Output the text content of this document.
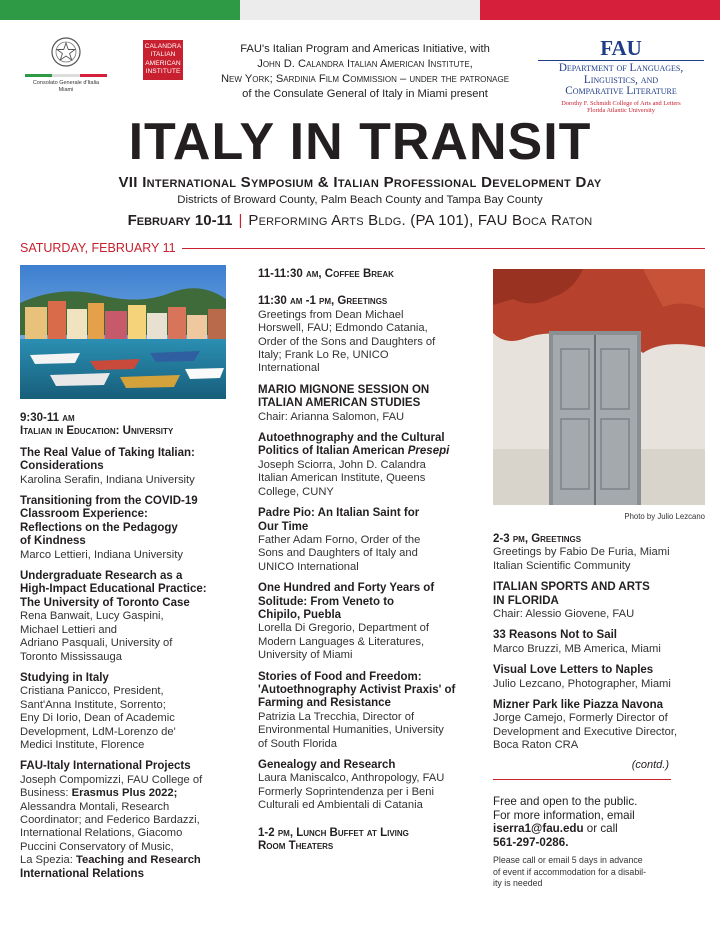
Consolato Generale d'Italia
Miami
CALANDRA
ITALIAN
AMERICAN
INSTITUTE
FAU's Italian Program and Americas Initiative, with
John D. Calandra Italian American Institute,
New York; Sardinia Film Commission – under the patronage
of the Consulate General of Italy in Miami present
FAU
Department of Languages,
Linguistics, and
Comparative Literature
Dorothy F. Schmidt College of Arts and Letters
Florida Atlantic University
ITALY IN TRANSIT
VII International Symposium & Italian Professional Development Day
Districts of Broward County, Palm Beach County and Tampa Bay County
February 10-11 | Performing Arts Bldg. (PA 101), FAU Boca Raton
SATURDAY, FEBRUARY 11
9:30-11 am
Italian in Education: University
The Real Value of Taking Italian:
Considerations
Karolina Serafin, Indiana University
Transitioning from the COVID-19
Classroom Experience:
Reflections on the Pedagogy
of Kindness
Marco Lettieri, Indiana University
Undergraduate Research as a
High-Impact Educational Practice:
The University of Toronto Case
Rena Banwait, Lucy Gaspini,
Michael Lettieri and
Adriano Pasquali, University of
Toronto Mississauga
Studying in Italy
Cristiana Panicco, President,
Sant'Anna Institute, Sorrento;
Eny Di Iorio, Dean of Academic
Development, LdM-Lorenzo de'
Medici Institute, Florence
FAU-Italy International Projects
Joseph Compomizzi, FAU College of
Business: Erasmus Plus 2022;
Alessandra Montali, Research
Coordinator; and Federico Bardazzi,
International Relations, Giacomo
Puccini Conservatory of Music,
La Spezia: Teaching and Research
International Relations
11-11:30 am, Coffee Break
11:30 am -1 pm, Greetings
Greetings from Dean Michael
Horswell, FAU; Edmondo Catania,
Order of the Sons and Daughters of
Italy; Frank Lo Re, UNICO
International
MARIO MIGNONE SESSION ON
ITALIAN AMERICAN STUDIES
Chair: Arianna Salomon, FAU
Autoethnography and the Cultural
Politics of Italian American Presepi
Joseph Sciorra, John D. Calandra
Italian American Institute, Queens
College, CUNY
Padre Pio: An Italian Saint for
Our Time
Father Adam Forno, Order of the
Sons and Daughters of Italy and
UNICO International
One Hundred and Forty Years of
Solitude: From Veneto to
Chipilo, Puebla
Lorella Di Gregorio, Department of
Modern Languages & Literatures,
University of Miami
Stories of Food and Freedom:
'Autoethnography Activist Praxis' of
Farming and Resistance
Patrizia La Trecchia, Director of
Environmental Humanities, University
of South Florida
Genealogy and Research
Laura Maniscalco, Anthropology, FAU
Formerly Soprintendenza per i Beni
Culturali ed Ambientali di Catania
1-2 pm, Lunch Buffet at Living
Room Theaters
Photo by Julio Lezcano
2-3 pm, Greetings
Greetings by Fabio De Furia, Miami
Italian Scientific Community
ITALIAN SPORTS AND ARTS
IN FLORIDA
Chair: Alessio Giovene, FAU
33 Reasons Not to Sail
Marco Bruzzi, MB America, Miami
Visual Love Letters to Naples
Julio Lezcano, Photographer, Miami
Mizner Park like Piazza Navona
Jorge Camejo, Formerly Director of
Development and Executive Director,
Boca Raton CRA
(contd.)
Free and open to the public.
For more information, email
iserra1@fau.edu or call
561-297-0286.
Please call or email 5 days in advance
of event if accommodation for a disabil-
ity is needed
